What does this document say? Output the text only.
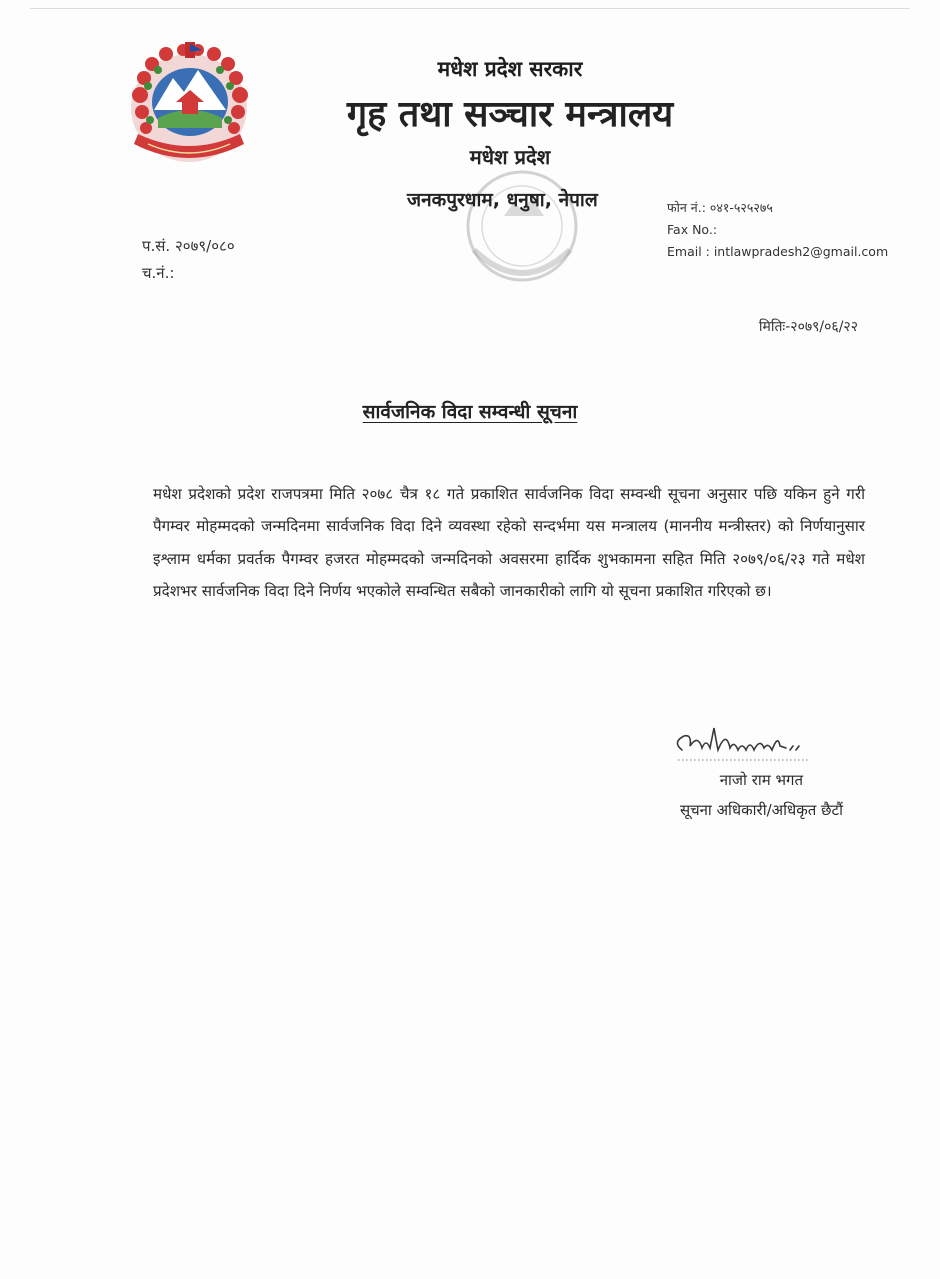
मधेश प्रदेश सरकार
गृह तथा सञ्चार मन्त्रालय
मधेश प्रदेश
जनकपुरधाम, धनुषा, नेपाल	फोन नं.: ०४१-५२५२७५
Fax No.:
Email : intlawpradesh2@gmail.com
प.सं. २०७९/०८०
च.नं.:
मितिः-२०७९/०६/२२
सार्वजनिक विदा सम्वन्धी सूचना
मधेश प्रदेशको प्रदेश राजपत्रमा मिति २०७८ चैत्र १८ गते प्रकाशित सार्वजनिक विदा सम्वन्धी सूचना अनुसार पछि यकिन हुने गरी पैगम्वर मोहम्मदको जन्मदिनमा सार्वजनिक विदा दिने व्यवस्था रहेको सन्दर्भमा यस मन्त्रालय (माननीय मन्त्रीस्तर) को निर्णयानुसार इश्लाम धर्मका प्रवर्तक पैगम्वर हजरत मोहम्मदको जन्मदिनको अवसरमा हार्दिक शुभकामना सहित मिति २०७९/०६/२३ गते मधेश प्रदेशभर सार्वजनिक विदा दिने निर्णय भएकोले सम्वन्धित सबैको जानकारीको लागि यो सूचना प्रकाशित गरिएको छ।
नाजो राम भगत
सूचना अधिकारी/अधिकृत छैटौं
